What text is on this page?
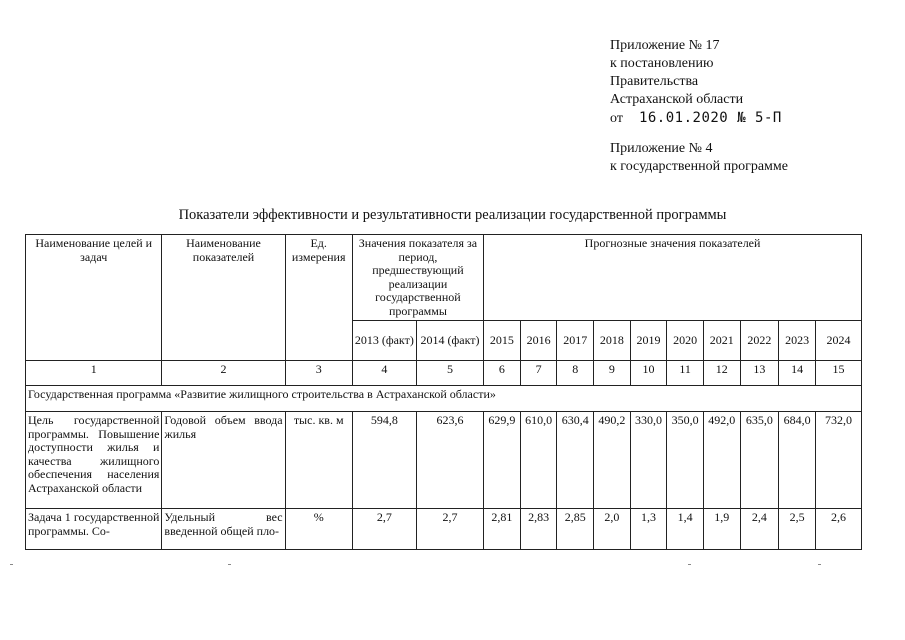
Приложение № 17
к постановлению
Правительства
Астраханской области
от 16.01.2020 № 5-П
Приложение № 4
к государственной программе
Показатели эффективности и результативности реализации государственной программы
Наименование целей и задач	Наименование показателей	Ед. измерения	Значения показателя за период, предшествующий реализации государственной программы		Прогнозные значения показателей									
			2013 (факт)	2014 (факт)	2015	2016	2017	2018	2019	2020	2021	2022	2023	2024
1	2	3	4	5	6	7	8	9	10	11	12	13	14	15
Государственная программа «Развитие жилищного строительства в Астраханской области»														
Цель государственной программы. Повышение доступности жилья и качества жилищного обеспечения населения Астраханской области	Годовой объем ввода жилья	тыс. кв. м	594,8	623,6	629,9	610,0	630,4	490,2	330,0	350,0	492,0	635,0	684,0	732,0
Задача 1 государственной программы. Со-	Удельный вес введенной общей пло-	%	2,7	2,7	2,81	2,83	2,85	2,0	1,3	1,4	1,9	2,4	2,5	2,6
